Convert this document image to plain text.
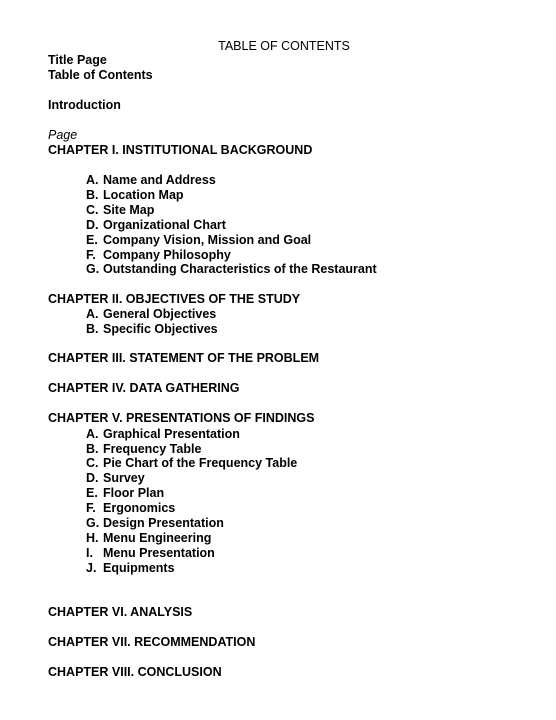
TABLE OF CONTENTS
Title Page
Table of Contents
Introduction
Page
CHAPTER I. INSTITUTIONAL BACKGROUND
A. Name and Address
B. Location Map
C. Site Map
D. Organizational Chart
E. Company Vision, Mission and Goal
F. Company Philosophy
G. Outstanding Characteristics of the Restaurant
CHAPTER II. OBJECTIVES OF THE STUDY
A. General Objectives
B. Specific Objectives
CHAPTER III. STATEMENT OF THE PROBLEM
CHAPTER IV. DATA GATHERING
CHAPTER V. PRESENTATIONS OF FINDINGS
A. Graphical Presentation
B. Frequency Table
C. Pie Chart of the Frequency Table
D. Survey
E. Floor Plan
F. Ergonomics
G. Design Presentation
H. Menu Engineering
I. Menu Presentation
J. Equipments
CHAPTER VI. ANALYSIS
CHAPTER VII. RECOMMENDATION
CHAPTER VIII. CONCLUSION
